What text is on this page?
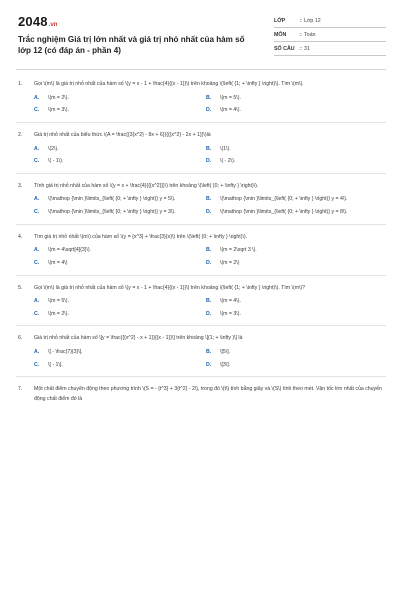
2048 .vn
Trắc nghiệm Giá trị lớn nhất và giá trị nhỏ nhất của hàm số lớp 12 (có đáp án - phần 4)
LỚP	: Lớp 12
MÔN	: Toán
SỐ CÂU	: 31
1.	Gọi \(m\) là giá trị nhỏ nhất của hàm số \(y = x - 1 + \frac{4}{{x - 1}}\) trên khoảng \(\left( {1; + \infty } \right)\). Tìm \(m\).
A.	\(m = 2\).	B.	\(m = 5\).
C.	\(m = 3\).	D.	\(m = 4\).
2.	Giá trị nhỏ nhất của biểu thức \(A = \frac{{3{x^2} - 8x + 6}}{{{x^2} - 2x + 1}}\)là
A.	\(2\).	B.	\(1\).
C.	\( - 1\).	D.	\( - 2\).
3.	Tính giá trị nhỏ nhất của hàm số \(y = x + \frac{4}{{{x^2}}}\) trên khoảng \(\left( {0; + \infty } \right)\).
A.	\(\mathop {\min }\limits_{\left( {0; + \infty } \right)} y = 5\).	B.	\(\mathop {\min }\limits_{\left( {0; + \infty } \right)} y = 4\).
C.	\(\mathop {\min }\limits_{\left( {0; + \infty } \right)} y = 3\).	D.	\(\mathop {\min }\limits_{\left( {0; + \infty } \right)} y = 8\).
4.	Tìm giá trị nhỏ nhất \(m\) của hàm số \(y = {x^3} + \frac{3}{x}\) trên \(\left( {0; + \infty } \right)\).
A.	\(m = 4\sqrt[4]{3}\).	B.	\(m = 2\sqrt 3 \).
C.	\(m = 4\)	D.	\(m = 2\)
5.	Gọi \(m\) là giá trị nhỏ nhất của hàm số \(y = x - 1 + \frac{4}{{x - 1}}\) trên khoảng \(\left( {1; + \infty } \right)\). Tìm \(m\)?
A.	\(m = 5\).	B.	\(m = 4\).
C.	\(m = 2\).	D.	\(m = 3\).
6.	Giá trị nhỏ nhất của hàm số \[y = \frac{{{x^2} - x + 1}}{{x - 1}}\] trên khoảng \[(1; + \infty )\] là
A.	\[ - \frac{7}{3}\].	B.	\[5\].
C.	\[ - 1\].	D.	\[3\].
7.	Một chất điểm chuyển động theo phương trình \(S = - {t^3} + 3{t^2} - 2\), trong đó \(t\) tính bằng giây và \(S\) tính theo mét. Vận tốc lớn nhất của chuyển động chất điểm đó là
